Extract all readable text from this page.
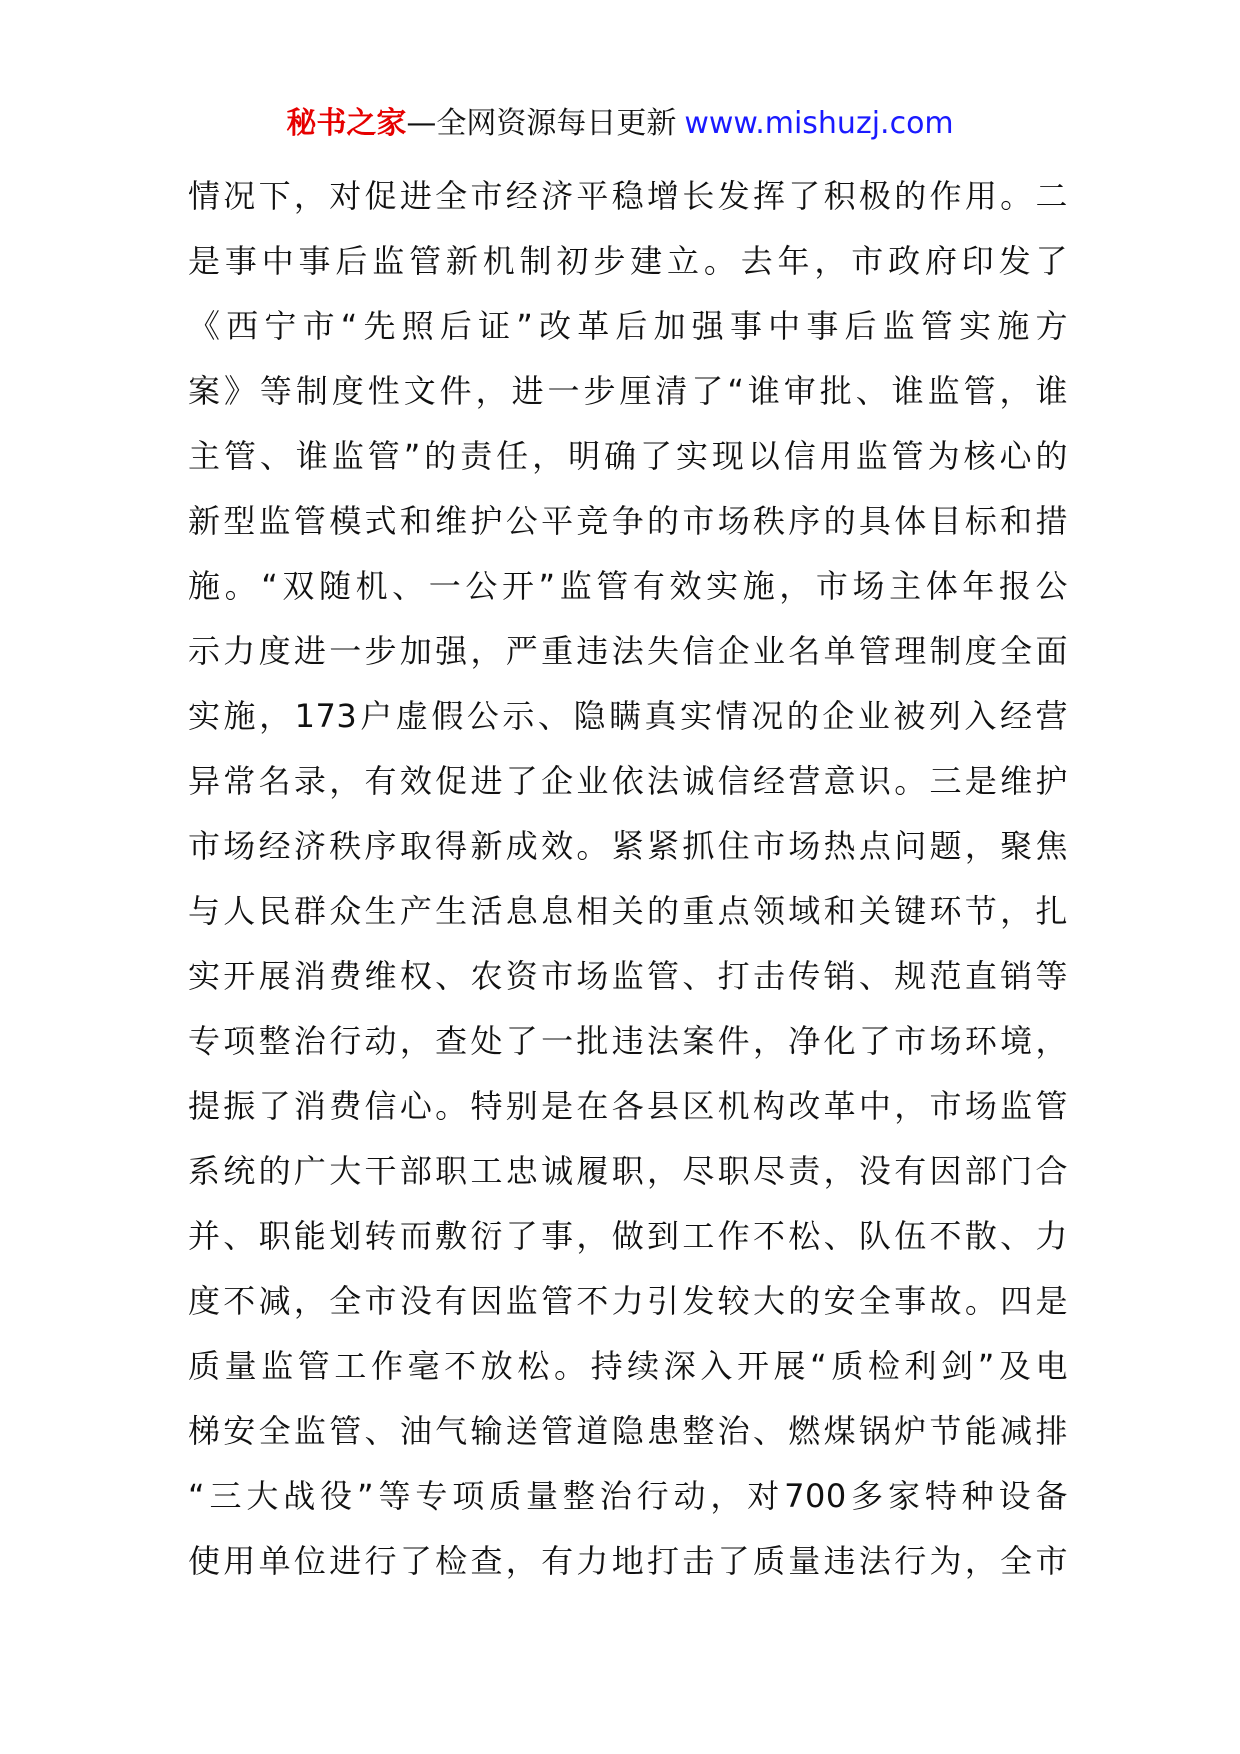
秘书之家—全网资源每日更新 www.mishuzj.com
情况下，对促进全市经济平稳增长发挥了积极的作用。二
是事中事后监管新机制初步建立。去年，市政府印发了
《西宁市“先照后证”改革后加强事中事后监管实施方
案》等制度性文件，进一步厘清了“谁审批、谁监管，谁
主管、谁监管”的责任，明确了实现以信用监管为核心的
新型监管模式和维护公平竞争的市场秩序的具体目标和措
施。“双随机、一公开”监管有效实施，市场主体年报公
示力度进一步加强，严重违法失信企业名单管理制度全面
实施，173户虚假公示、隐瞒真实情况的企业被列入经营
异常名录，有效促进了企业依法诚信经营意识。三是维护
市场经济秩序取得新成效。紧紧抓住市场热点问题，聚焦
与人民群众生产生活息息相关的重点领域和关键环节，扎
实开展消费维权、农资市场监管、打击传销、规范直销等
专项整治行动，查处了一批违法案件，净化了市场环境，
提振了消费信心。特别是在各县区机构改革中，市场监管
系统的广大干部职工忠诚履职，尽职尽责，没有因部门合
并、职能划转而敷衍了事，做到工作不松、队伍不散、力
度不减，全市没有因监管不力引发较大的安全事故。四是
质量监管工作毫不放松。持续深入开展“质检利剑”及电
梯安全监管、油气输送管道隐患整治、燃煤锅炉节能减排
“三大战役”等专项质量整治行动，对700多家特种设备
使用单位进行了检查，有力地打击了质量违法行为，全市
